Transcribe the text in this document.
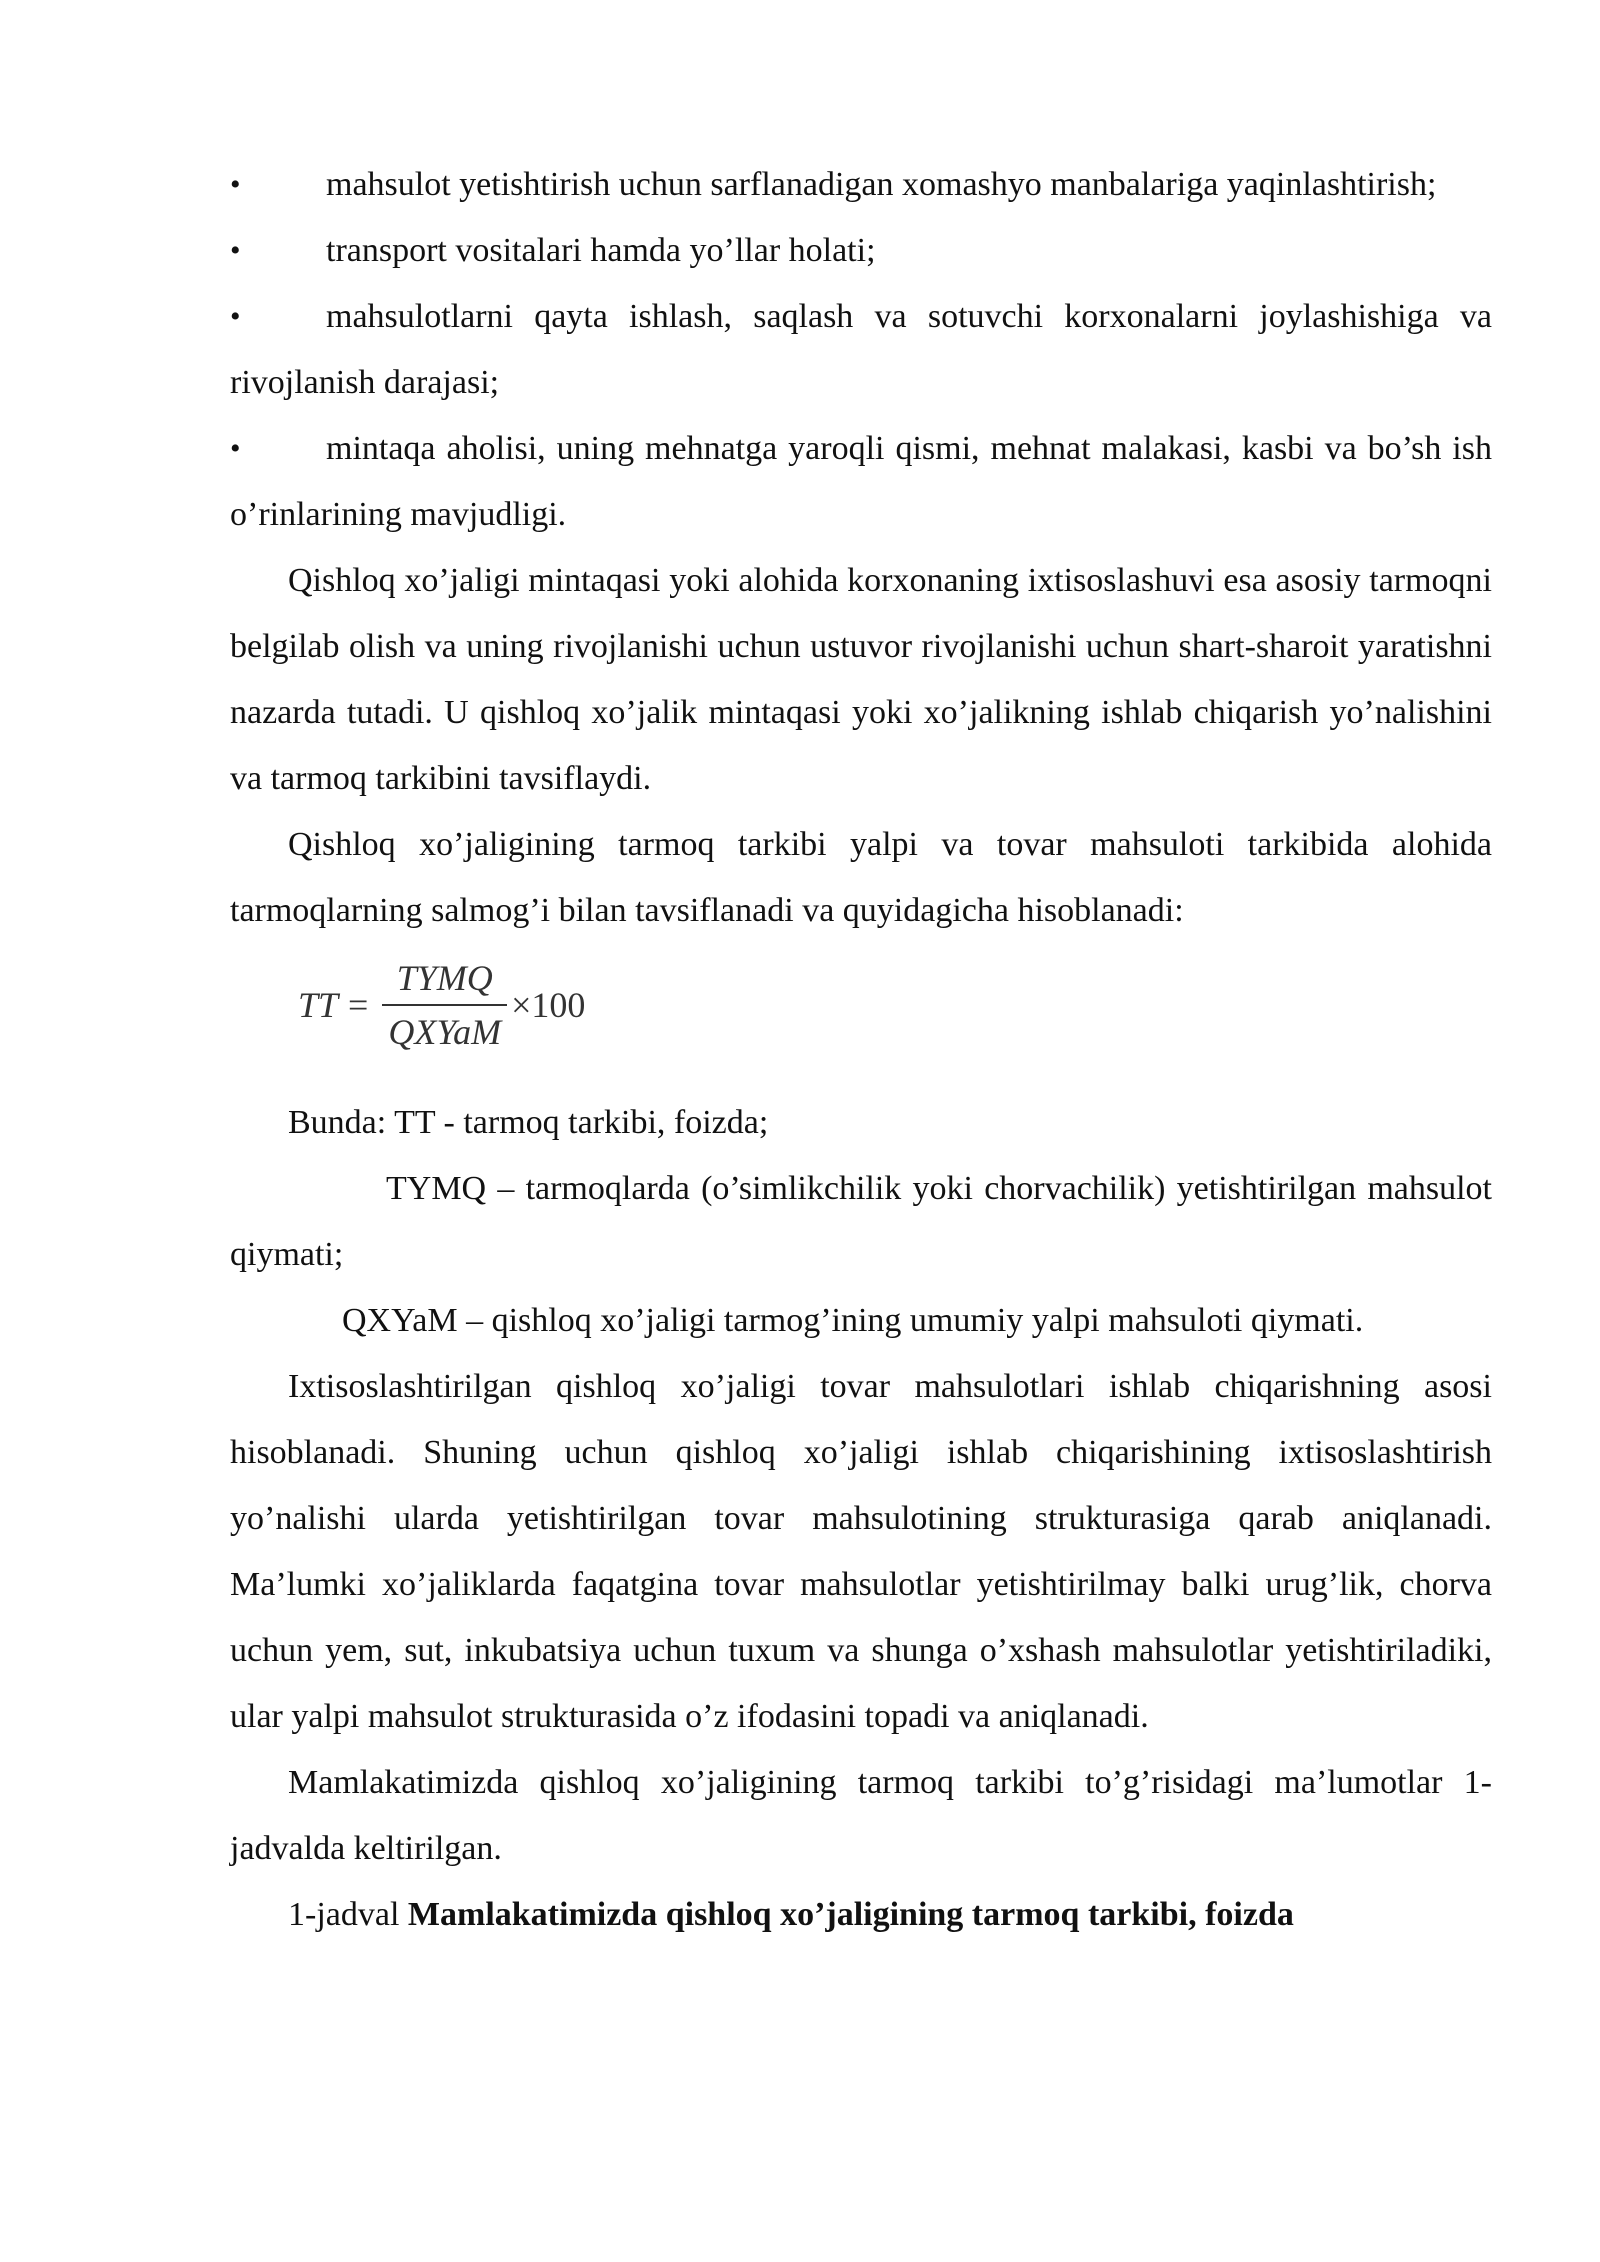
•	mahsulot yetishtirish uchun sarflanadigan xomashyo manbalariga yaqinlashtirish;

•	transport vositalari hamda yo’llar holati;

•	mahsulotlarni qayta ishlash, saqlash va sotuvchi korxonalarni joylashishiga va rivojlanish darajasi;

•	mintaqa aholisi, uning mehnatga yaroqli qismi, mehnat malakasi, kasbi va bo’sh ish o’rinlarining mavjudligi.

Qishloq xo’jaligi mintaqasi yoki alohida korxonaning ixtisoslashuvi esa asosiy tarmoqni belgilab olish va uning rivojlanishi uchun ustuvor rivojlanishi uchun shart-sharoit yaratishni nazarda tutadi. U qishloq xo’jalik mintaqasi yoki xo’jalikning ishlab chiqarish yo’nalishini va tarmoq tarkibini tavsiflaydi.

Qishloq xo’jaligining tarmoq tarkibi yalpi va tovar mahsuloti tarkibida alohida tarmoqlarning salmog’i bilan tavsiflanadi va quyidagicha hisoblanadi:

TT = $\frac{\text{TYMQ}}{\text{QXYaM}} \times 100$

Bunda: TT - tarmoq tarkibi, foizda;

TYMQ – tarmoqlarda (o’simlikchilik yoki chorvachilik) yetishtirilgan mahsulot qiymati;

QXYaM – qishloq xo’jaligi tarmog’ining umumiy yalpi mahsuloti qiymati.

Ixtisoslashtirilgan qishloq xo’jaligi tovar mahsulotlari ishlab chiqarishning asosi hisoblanadi. Shuning uchun qishloq xo’jaligi ishlab chiqarishining ixtisoslashtirish yo’nalishi ularda yetishtirilgan tovar mahsulotining strukturasiga qarab aniqlanadi. Ma’lumki xo’jaliklarda faqatgina tovar mahsulotlar yetishtirilmay balki urug’lik, chorva uchun yem, sut, inkubatsiya uchun tuxum va shunga o’xshash mahsulotlar yetishtiriladiki, ular yalpi mahsulot strukturasida o’z ifodasini topadi va aniqlanadi.

Mamlakatimizda qishloq xo’jaligining tarmoq tarkibi to’g’risidagi ma’lumotlar 1-jadvalda keltirilgan.

1-jadval Mamlakatimizda qishloq xo’jaligining tarmoq tarkibi, foizda
